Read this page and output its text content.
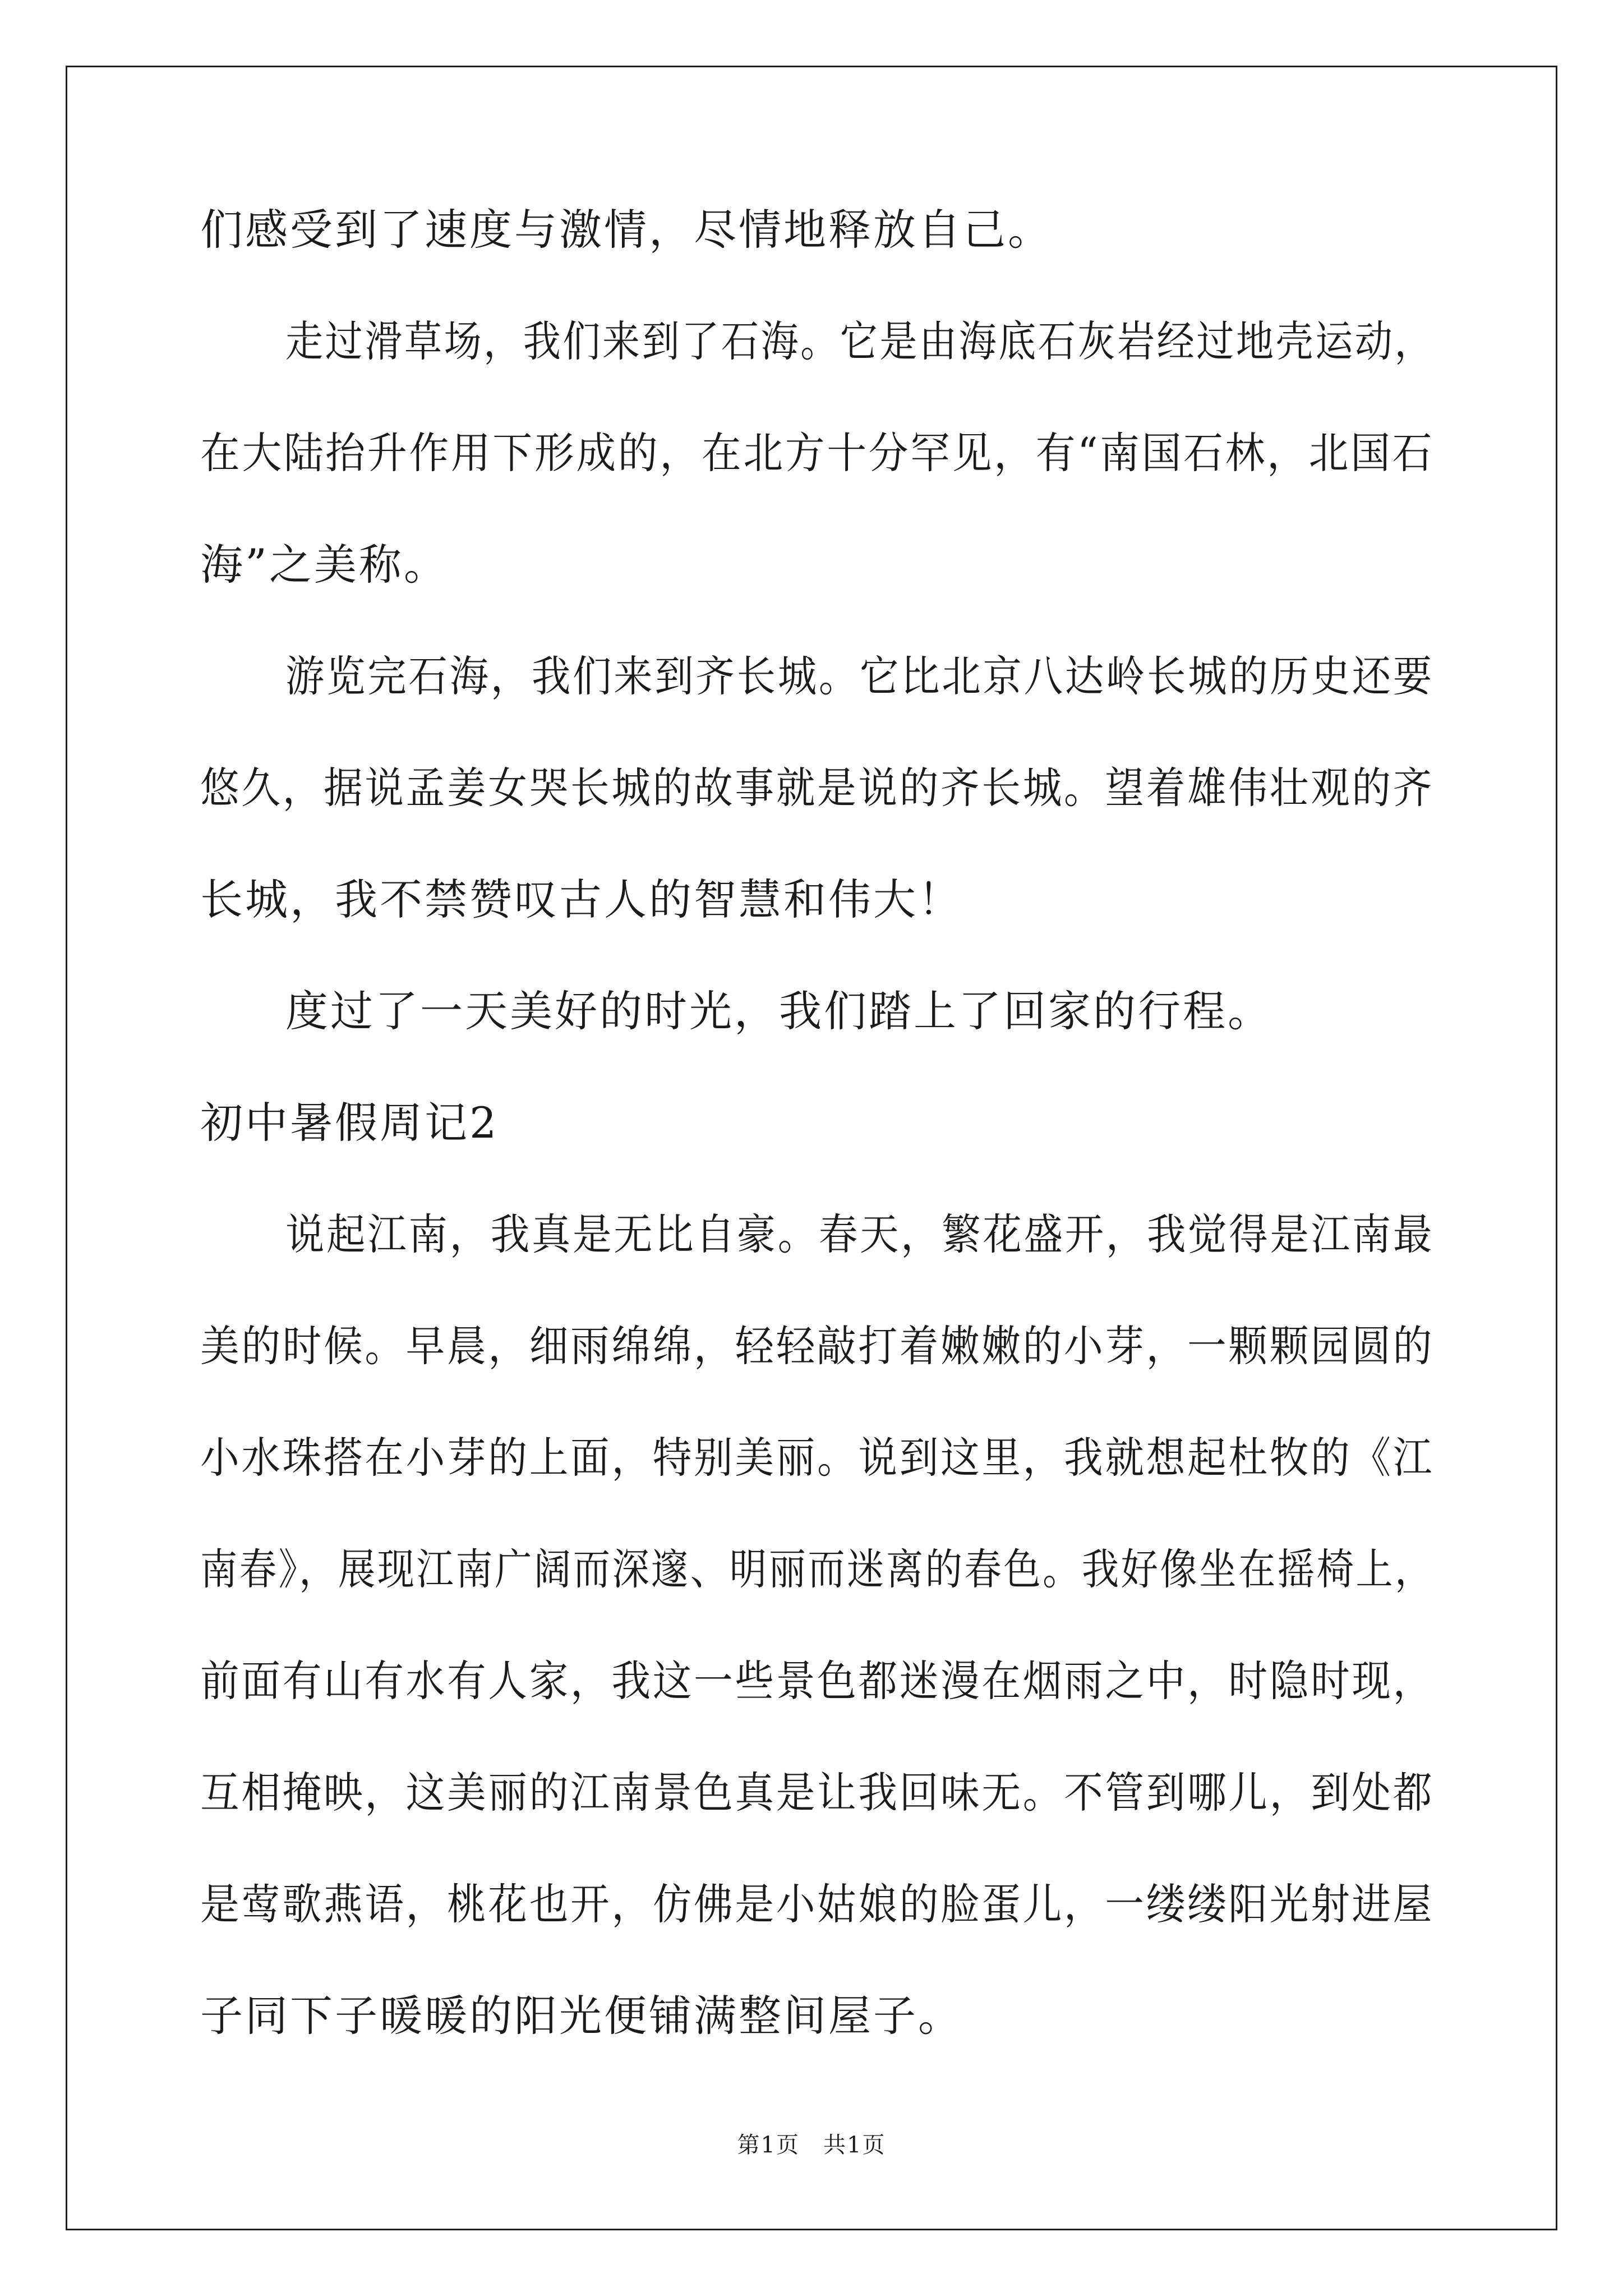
们感受到了速度与激情，尽情地释放自己。
走过滑草场，我们来到了石海。它是由海底石灰岩经过地壳运动，
在大陆抬升作用下形成的，在北方十分罕见，有“南国石林，北国石
海”之美称。
游览完石海，我们来到齐长城。它比北京八达岭长城的历史还要
悠久，据说孟姜女哭长城的故事就是说的齐长城。望着雄伟壮观的齐
长城，我不禁赞叹古人的智慧和伟大！
度过了一天美好的时光，我们踏上了回家的行程。
初中暑假周记2
说起江南，我真是无比自豪。春天，繁花盛开，我觉得是江南最
美的时候。早晨，细雨绵绵，轻轻敲打着嫩嫩的小芽，一颗颗园圆的
小水珠搭在小芽的上面，特别美丽。说到这里，我就想起杜牧的《江
南春》，展现江南广阔而深邃、明丽而迷离的春色。我好像坐在摇椅上，
前面有山有水有人家，我这一些景色都迷漫在烟雨之中，时隐时现，
互相掩映，这美丽的江南景色真是让我回味无。不管到哪儿，到处都
是莺歌燕语，桃花也开，仿佛是小姑娘的脸蛋儿，一缕缕阳光射进屋
子同下子暖暖的阳光便铺满整间屋子。
第1页　共1页
